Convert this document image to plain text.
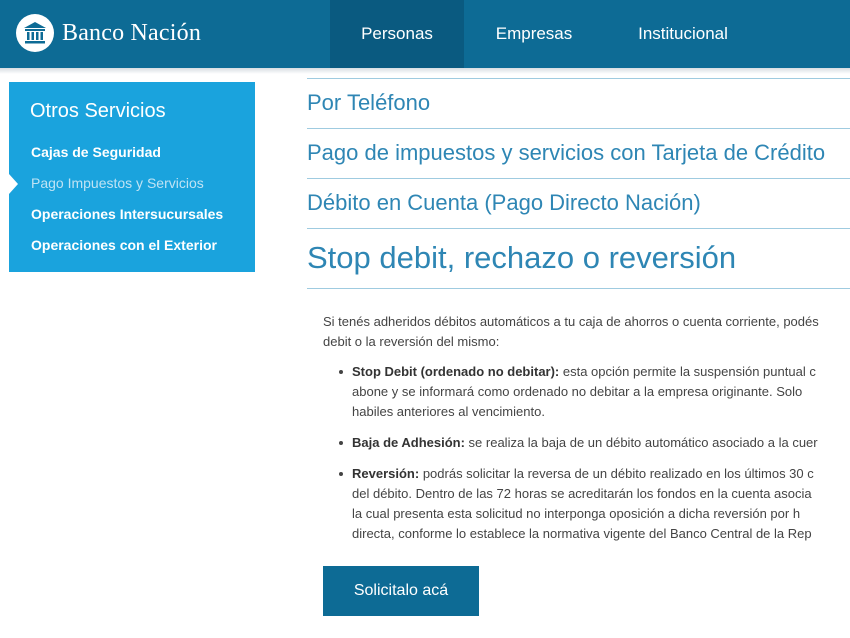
Banco Nación	Personas	Empresas	Institucional
Otros Servicios
Cajas de Seguridad
Pago Impuestos y Servicios
Operaciones Intersucursales
Operaciones con el Exterior
Por Teléfono
Pago de impuestos y servicios con Tarjeta de Crédito
Débito en Cuenta (Pago Directo Nación)
Stop debit, rechazo o reversión
Si tenés adheridos débitos automáticos a tu caja de ahorros o cuenta corriente, podés
debit o la reversión del mismo:
Stop Debit (ordenado no debitar): esta opción permite la suspensión puntual c
abone y se informará como ordenado no debitar a la empresa originante. Solo
habiles anteriores al vencimiento.
Baja de Adhesión: se realiza la baja de un débito automático asociado a la cuer
Reversión: podrás solicitar la reversa de un débito realizado en los últimos 30 c
del débito. Dentro de las 72 horas se acreditarán los fondos en la cuenta asocia
la cual presenta esta solicitud no interponga oposición a dicha reversión por h
directa, conforme lo establece la normativa vigente del Banco Central de la Rep
Solicitalo acá
